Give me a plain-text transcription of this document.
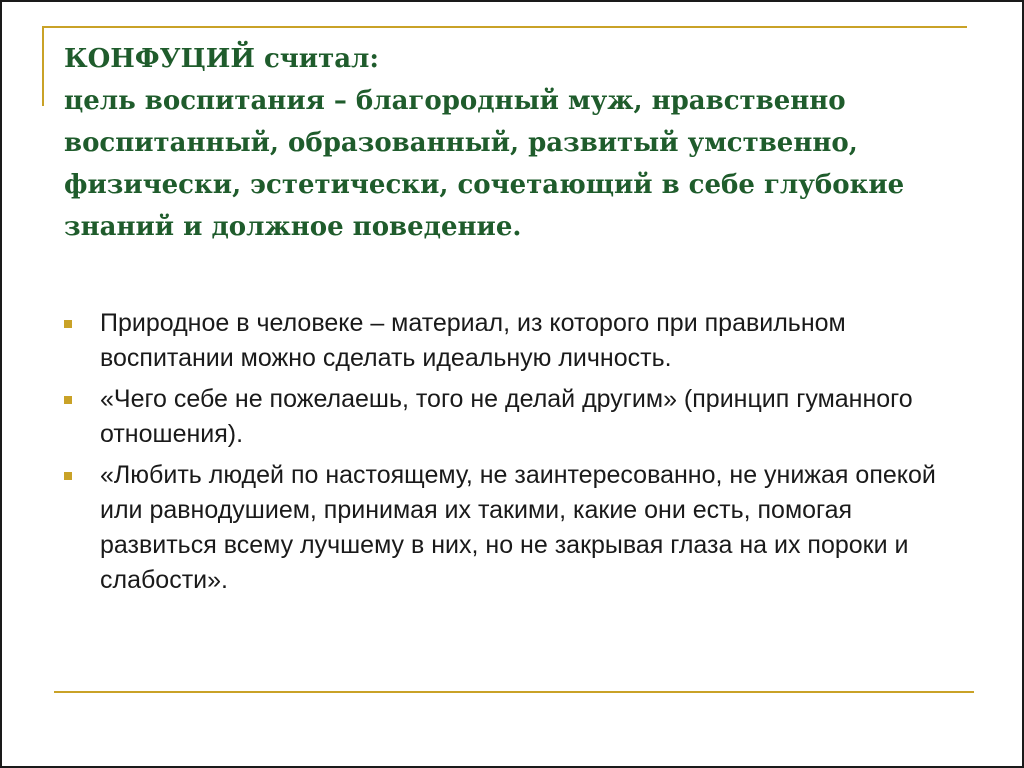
КОНФУЦИЙ считал:
цель воспитания – благородный муж, нравственно
воспитанный, образованный, развитый умственно,
физически, эстетически, сочетающий в себе глубокие
знаний и должное поведение.
Природное в человеке – материал, из которого при правильном воспитании можно сделать идеальную личность.
«Чего себе не пожелаешь, того не делай другим» (принцип гуманного отношения).
«Любить людей по настоящему, не заинтересованно, не унижая опекой или равнодушием, принимая их такими, какие они есть, помогая развиться всему лучшему в них, но не закрывая глаза на их пороки и слабости».
